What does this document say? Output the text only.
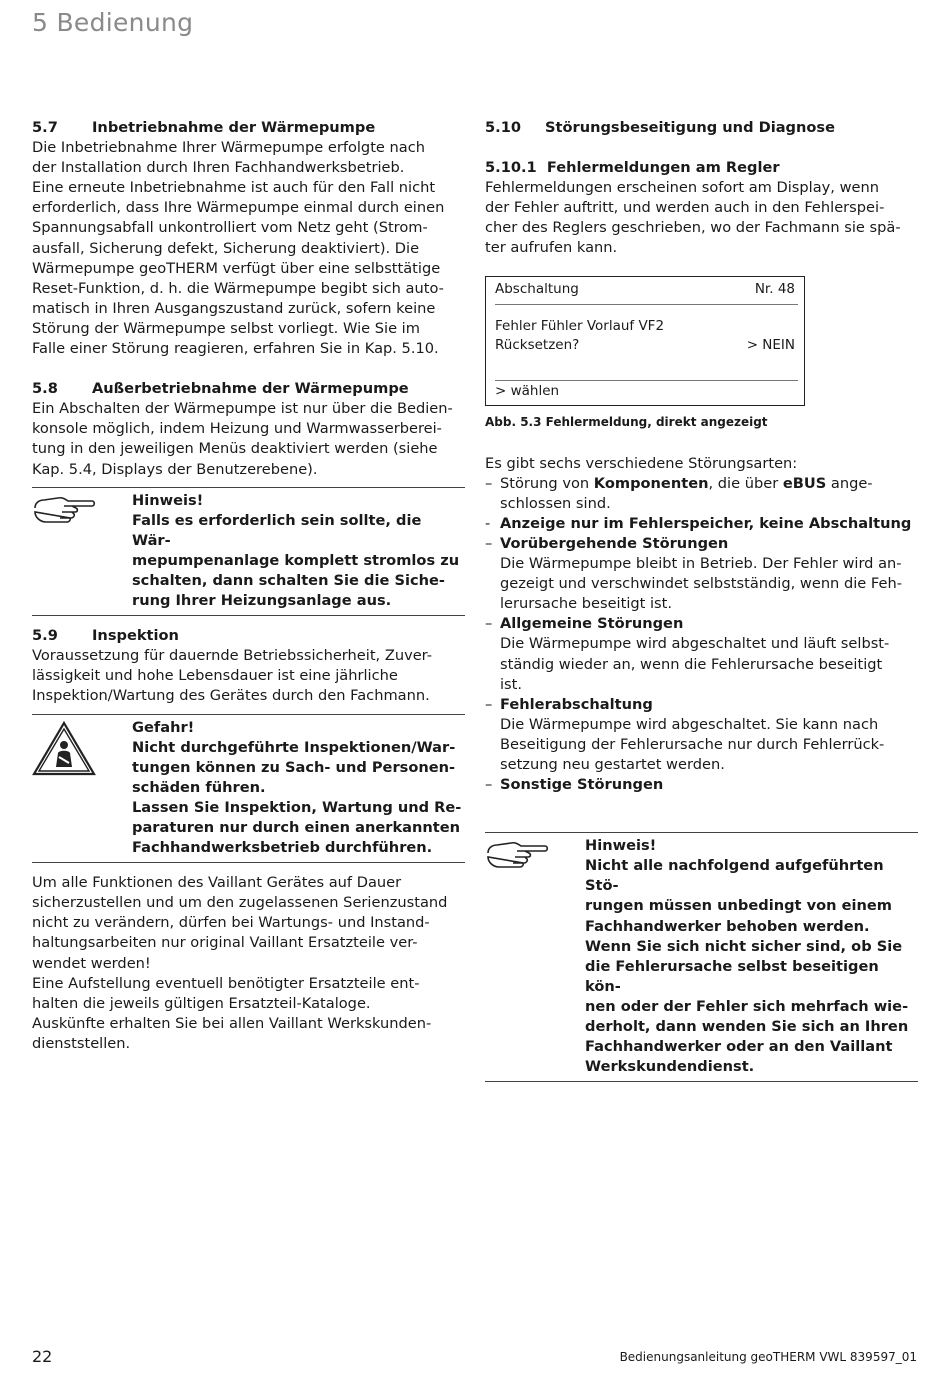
5 Bedienung
5.7	Inbetriebnahme der Wärmepumpe

Die Inbetriebnahme Ihrer Wärmepumpe erfolgte nach

der Installation durch Ihren Fachhandwerksbetrieb.

Eine erneute Inbetriebnahme ist auch für den Fall nicht

erforderlich, dass Ihre Wärmepumpe einmal durch einen

Spannungsabfall unkontrolliert vom Netz geht (Strom-

ausfall, Sicherung defekt, Sicherung deaktiviert). Die

Wärmepumpe geoTHERM verfügt über eine selbsttätige

Reset-Funktion, d. h. die Wärmepumpe begibt sich auto-

matisch in Ihren Ausgangszustand zurück, sofern keine

Störung der Wärmepumpe selbst vorliegt. Wie Sie im

Falle einer Störung reagieren, erfahren Sie in Kap. 5.10.

5.8	Außerbetriebnahme der Wärmepumpe

Ein Abschalten der Wärmepumpe ist nur über die Bedien-

konsole möglich, indem Heizung und Warmwasserberei-

tung in den jeweiligen Menüs deaktiviert werden (siehe

Kap. 5.4, Displays der Benutzerebene).

Hinweis!
Falls es erforderlich sein sollte, die Wär-
mepumpenanlage komplett stromlos zu
schalten, dann schalten Sie die Siche-
rung Ihrer Heizungsanlage aus.
5.9	Inspektion

Voraussetzung für dauernde Betriebssicherheit, Zuver-

lässigkeit und hohe Lebensdauer ist eine jährliche

Inspektion/Wartung des Gerätes durch den Fachmann.

Gefahr!
Nicht durchgeführte Inspektionen/War-
tungen können zu Sach- und Personen-
schäden führen.
Lassen Sie Inspektion, Wartung und Re-
paraturen nur durch einen anerkannten
Fachhandwerksbetrieb durchführen.

Um alle Funktionen des Vaillant Gerätes auf Dauer

sicherzustellen und um den zugelassenen Serienzustand

nicht zu verändern, dürfen bei Wartungs- und Instand-

haltungsarbeiten nur original Vaillant Ersatzteile ver-

wendet werden!

Eine Aufstellung eventuell benötigter Ersatzteile ent-

halten die jeweils gültigen Ersatzteil-Kataloge.

Auskünfte erhalten Sie bei allen Vaillant Werkskunden-

dienststellen.

5.10	Störungsbeseitigung und Diagnose
5.10.1  Fehlermeldungen am Regler

Fehlermeldungen erscheinen sofort am Display, wenn

der Fehler auftritt, und werden auch in den Fehlerspei-

cher des Reglers geschrieben, wo der Fachmann sie spä-

ter aufrufen kann.

Abschaltung	Nr. 48
Fehler Fühler Vorlauf VF2
Rücksetzen?	> NEIN
> wählen

Abb. 5.3 Fehlermeldung, direkt angezeigt

Es gibt sechs verschiedene Störungsarten:

– Störung von Komponenten, die über eBUS ange-
schlossen sind.
- Anzeige nur im Fehlerspeicher, keine Abschaltung
– Vorübergehende Störungen
Die Wärmepumpe bleibt in Betrieb. Der Fehler wird an-
gezeigt und verschwindet selbstständig, wenn die Feh-
lerursache beseitigt ist.
– Allgemeine Störungen
Die Wärmepumpe wird abgeschaltet und läuft selbst-
ständig wieder an, wenn die Fehlerursache beseitigt
ist.
– Fehlerabschaltung
Die Wärmepumpe wird abgeschaltet. Sie kann nach
Beseitigung der Fehlerursache nur durch Fehlerrück-
setzung neu gestartet werden.
– Sonstige Störungen
Hinweis!
Nicht alle nachfolgend aufgeführten Stö-
rungen müssen unbedingt von einem
Fachhandwerker behoben werden.
Wenn Sie sich nicht sicher sind, ob Sie
die Fehlerursache selbst beseitigen kön-
nen oder der Fehler sich mehrfach wie-
derholt, dann wenden Sie sich an Ihren
Fachhandwerker oder an den Vaillant
Werkskundendienst.
22	Bedienungsanleitung geoTHERM VWL 839597_01
